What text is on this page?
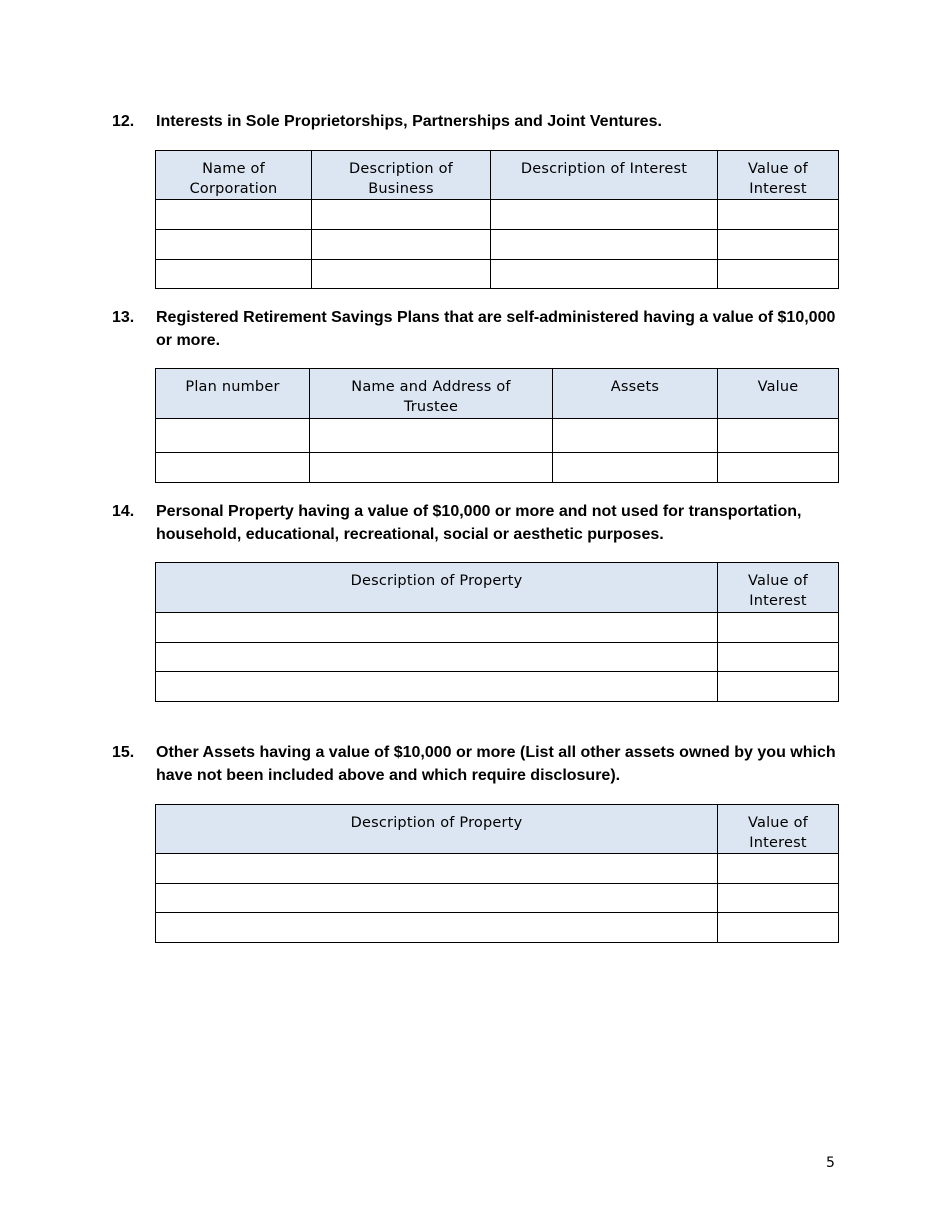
12. Interests in Sole Proprietorships, Partnerships and Joint Ventures.
Name of Corporation	Description of Business	Description of Interest	Value of Interest

13. Registered Retirement Savings Plans that are self-administered having a value of $10,000 or more.
Plan number	Name and Address of Trustee	Assets	Value

14. Personal Property having a value of $10,000 or more and not used for transportation, household, educational, recreational, social or aesthetic purposes.
Description of Property	Value of Interest

15. Other Assets having a value of $10,000 or more (List all other assets owned by you which have not been included above and which require disclosure).
Description of Property	Value of Interest

5
